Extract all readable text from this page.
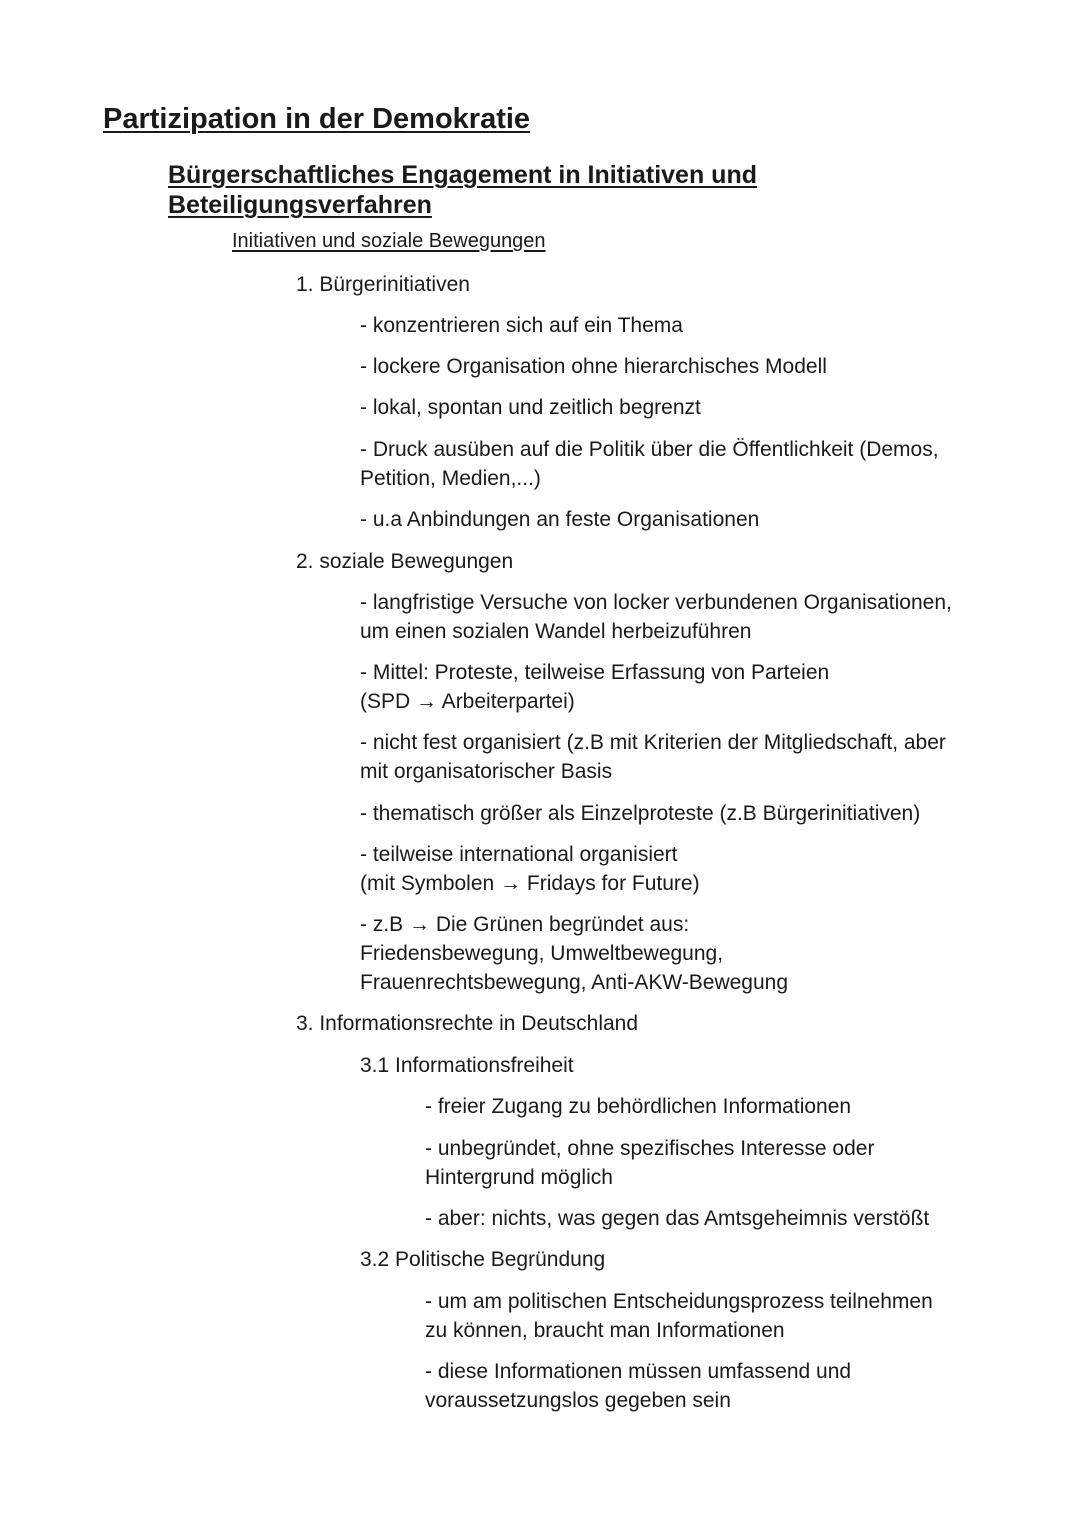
Partizipation in der Demokratie
Bürgerschaftliches Engagement in Initiativen und
Beteiligungsverfahren
Initiativen und soziale Bewegungen
1. Bürgerinitiativen
- konzentrieren sich auf ein Thema
- lockere Organisation ohne hierarchisches Modell
- lokal, spontan und zeitlich begrenzt
- Druck ausüben auf die Politik über die Öffentlichkeit (Demos,
Petition, Medien,...)
- u.a Anbindungen an feste Organisationen
2. soziale Bewegungen
- langfristige Versuche von locker verbundenen Organisationen,
um einen sozialen Wandel herbeizuführen
- Mittel: Proteste, teilweise Erfassung von Parteien
(SPD → Arbeiterpartei)
- nicht fest organisiert (z.B mit Kriterien der Mitgliedschaft, aber
mit organisatorischer Basis
- thematisch größer als Einzelproteste (z.B Bürgerinitiativen)
- teilweise international organisiert
(mit Symbolen → Fridays for Future)
- z.B → Die Grünen begründet aus:
Friedensbewegung, Umweltbewegung,
Frauenrechtsbewegung, Anti-AKW-Bewegung
3. Informationsrechte in Deutschland
3.1 Informationsfreiheit
- freier Zugang zu behördlichen Informationen
- unbegründet, ohne spezifisches Interesse oder
Hintergrund möglich
- aber: nichts, was gegen das Amtsgeheimnis verstößt
3.2 Politische Begründung
- um am politischen Entscheidungsprozess teilnehmen
zu können, braucht man Informationen
- diese Informationen müssen umfassend und
voraussetzungslos gegeben sein
